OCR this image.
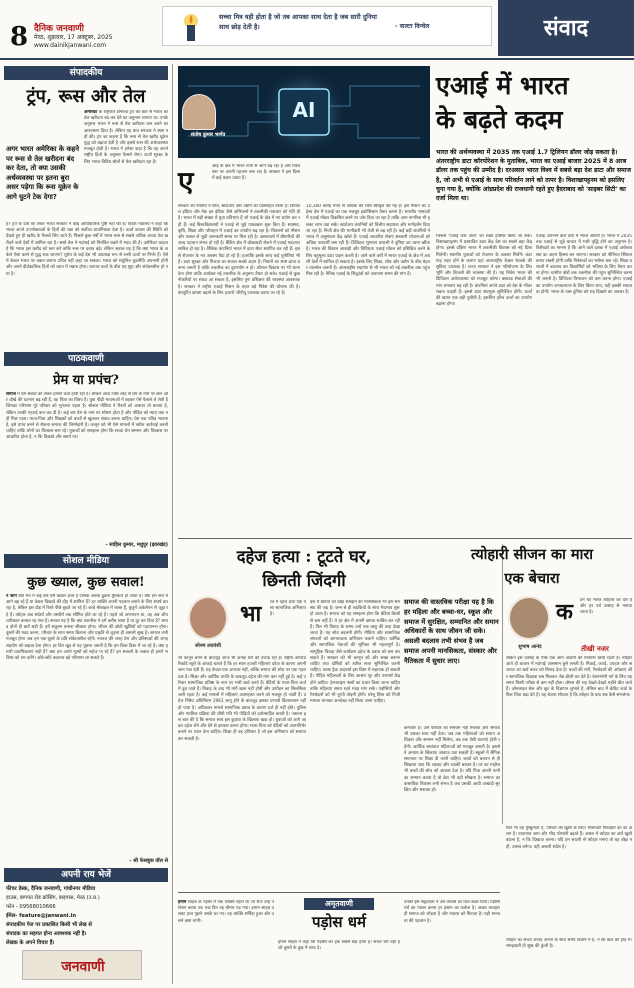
8 दैनिक जनवाणी
मेरठ, शुक्रवार, 17 अक्टूबर, 2025
www.dainikjanwani.com
सच्चा मित्र वही होता है जो तब आपका साथ देता है जब सारी दुनिया साथ छोड़ देती है।	- वाल्टर विन्चेल	संवाद
संपादकीय
ट्रंप, रूस और तेल
अगर भारत अमेरिका के कहने पर रूस से तेल खरीदना बंद कर देता, तो क्या उसकी अर्थव्यवस्था पर इतना बुरा असर पड़ेगा कि रूस यूक्रेन के आगे घुटने टेक देगा?
अमेरिका के राष्ट्रपति डोनाल्ड ट्रंप की बात से भारत का तेल खरीदना बंद कर देने का अनुमान लगाया था। उनके अनुसार भारत ने रूस से तेल खरीदना कम करने का आश्वासन दिया है। लेकिन यह बात सरकार ने स्पष्ट नहीं की। ट्रंप का कहना है कि रूस से तेल खरीद यूक्रेन युद्ध को बढ़ावा देती है और इससे रूस की अर्थव्यवस्था मजबूत होती है। भारत ने हमेशा कहा है कि वह अपने राष्ट्रीय हितों के अनुसार फैसले लेगा। ऊर्जा सुरक्षा के लिए भारत विविध स्रोतों से तेल खरीदता रहा है।
है? ट्रंप के दावे को लेकर भारत सरकार ने कोई आधिकारिक पुष्टि नहीं की है। विदेश मंत्रालय ने कहा कि भारत अपने उपभोक्ताओं के हितों की रक्षा को सर्वोच्च प्राथमिकता देता है। ऊर्जा बाजार की स्थिति को देखते हुए ही खरीद के फैसले लिए जाते हैं। पिछले कुछ वर्षों में भारत रूस से सबसे अधिक कच्चा तेल खरीदने वाले देशों में शामिल रहा है। सस्ते तेल ने महंगाई को नियंत्रित रखने में मदद की है। अमेरिका चाहता है कि भारत इस खरीद को कम करे ताकि रूस पर दबाव बढ़े। लेकिन सवाल यह है कि क्या भारत के अकेले ऐसा करने से युद्ध रुक जाएगा? यूरोप के कई देश भी अप्रत्यक्ष रूप से रूसी ऊर्जा पर निर्भर हैं। ऐसे में केवल भारत पर दबाव बनाना उचित नहीं कहा जा सकता। भारत को संतुलित कूटनीति अपनानी होगी और अपने दीर्घकालिक हितों को ध्यान में रखना होगा। व्यापार वार्ता के बीच यह मुद्दा और संवेदनशील हो गया है।
पाठकवाणी
प्रेम या प्रपंच?
समाज में प्रेम संबंधों को लेकर हमेशा चर्चा होती रही है। लेकिन आज जिस तरह से प्रेम के नाम पर छल और धोखे की घटनाएं बढ़ रही हैं, वह चिंता का विषय है। युवा पीढ़ी भावनाओं में बहकर ऐसे फैसले ले लेती है जिनका परिणाम पूरे परिवार को भुगतना पड़ता है। सोशल मीडिया ने रिश्तों को आसान तो बनाया है, लेकिन उनकी गहराई कम कर दी है। कई बार प्रेम के नाम पर शोषण होता है और पीड़ित को न्याय तक नहीं मिल पाता। माता-पिता और शिक्षकों को बच्चों से खुलकर संवाद करना चाहिए। प्रेम एक पवित्र भावना है, इसे प्रपंच बनने से रोकना समाज की जिम्मेदारी है। कानून को भी ऐसे मामलों में त्वरित कार्रवाई करनी चाहिए ताकि लोगों का विश्वास बना रहे। युवाओं को समझना होगा कि सच्चा प्रेम सम्मान और विश्वास पर आधारित होता है, न कि दिखावे और स्वार्थ पर।
- साहिल कुमार, मधुपुर (झारखंड)
सोशल मीडिया
कुछ ख्याल, कुछ सवाल!
न जाने क्यों मन में कई बार ऐसे ख्याल आते हैं जिनके जवाब ढूंढना मुश्किल हो जाता है। क्या हम सच में आगे बढ़ रहे हैं या केवल दिखावे की दौड़ में शामिल हैं? हर व्यक्ति अपनी पहचान बनाने के लिए संघर्ष कर रहा है, लेकिन इस दौड़ में रिश्ते पीछे छूटते जा रहे हैं। बच्चे मोबाइल में व्यस्त हैं, बुजुर्ग अकेलेपन से जूझ रहे हैं। त्योहार अब संदेशों और तस्वीरों तक सीमित होते जा रहे हैं। पहले जो अपनापन था, वह अब औपचारिकता बनकर रह गया है। सवाल यह है कि क्या तकनीक ने हमें करीब लाया है या दूर कर दिया है? शायद दोनों ही बातें सही हैं। हमें संतुलन बनाना सीखना होगा। जीवन की छोटी खुशियों को पहचानना होगा। दूसरों की मदद करना, परिवार के साथ समय बिताना और प्रकृति से जुड़ना ही असली सुख है। समाज तभी मजबूत होगा जब हम एक-दूसरे के प्रति संवेदनशील रहेंगे। नफरत की जगह प्रेम और प्रतिस्पर्धा की जगह सहयोग को बढ़ावा देना होगा। हर दिन खुद से यह पूछना जरूरी है कि हम किस दिशा में जा रहे हैं। क्या हमारी प्राथमिकताएं सही हैं? क्या हम अपने मूल्यों को सहेज पा रहे हैं? इन सवालों के जवाब ही हमारे भविष्य को तय करेंगे। छोटे-छोटे बदलाव बड़े परिणाम ला सकते हैं।
- श्री फेसबुक वॉल से
अपनी राय भेजें
फीचर डेस्क, दैनिक जनवाणी, गांधीनगर मीडिया
हाउस, बागपत रोड क्रॉसिंग, बाइपास, मेरठ (उ.प्र.)
फोन - 09568010666
ईमेल- feature@janwani.in
संपादकीय पेज पर प्रकाशित किसी भी लेख से
संपादक का सहमत होना आवश्यक नहीं है।
लेखक के अपने विचार हैं।
जनवाणी
AI
संतोष कुमार भार्गव
एआई में भारत
के बढ़ते कदम
भारत की अर्थव्यवस्था में 2035 तक एआई 1.7 ट्रिलियन डॉलर जोड़ सकता है। अंतरराष्ट्रीय डाटा कॉरपोरेशन के मुताबिक, भारत का एआई बाजार 2025 में 8 अरब डॉलर तक पहुंच की उम्मीद है। दरअसल भारत विश्व में सबसे बड़ा देश डाटा और समाज है, जो अभी से एआई के साथ परिवर्तन लाने को तत्पर है। विशाखापट्टनम को इसलिए चुना गया है, क्योंकि आंध्रप्रदेश की राजधानी रहते हुए हैदराबाद को 'साइबर सिटी' का दर्जा मिला था।
ए	आई के क्षेत्र में भारत तेजी से आगे बढ़ रहा है और विश्व स्तर पर अपनी पहचान बना रहा है। सरकार ने इस दिशा में कई कदम उठाए हैं।
सरकार की नीतियों ने शोध, स्टार्टअप और उद्योग को प्रोत्साहित किया है। डिजिटल इंडिया और मेक इन इंडिया जैसे अभियानों ने तकनीकी नवाचार को गति दी है। भारत में बड़ी संख्या में युवा प्रतिभाएं हैं जो एआई के क्षेत्र में नए प्रयोग कर रही हैं। कई विश्वविद्यालयों ने एआई से जुड़े पाठ्यक्रम शुरू किए हैं। स्वास्थ्य, कृषि, शिक्षा और परिवहन में एआई का उपयोग बढ़ रहा है। किसानों को मौसम और फसल से जुड़ी जानकारी समय पर मिल रही है। अस्पतालों में बीमारियों की जल्द पहचान संभव हो रही है। बैंकिंग क्षेत्र में धोखाधड़ी रोकने में एआई मददगार साबित हो रहा है। वैश्विक कंपनियां भारत में डाटा सेंटर स्थापित कर रही हैं। इससे रोजगार के नए अवसर पैदा हो रहे हैं। हालांकि इसके साथ कई चुनौतियां भी हैं। डाटा सुरक्षा और निजता का सवाल सबसे अहम है। नियमों का स्पष्ट ढांचा बनाना जरूरी है ताकि तकनीक का दुरुपयोग न हो। कौशल विकास पर भी ध्यान देना होगा ताकि कार्यबल नई तकनीक के अनुरूप तैयार हो सके। एआई से कुछ नौकरियों पर संकट आ सकता है, इसलिए पुनः प्रशिक्षण की व्यवस्था आवश्यक है। सरकार ने राष्ट्रीय एआई मिशन के तहत बड़े निवेश की घोषणा की है। कंप्यूटिंग क्षमता बढ़ाने के लिए हजारों जीपीयू उपलब्ध कराए जा रहे हैं।
10,300 करोड़ रुपए से अधिक की राशि स्वीकृत की गई है। इस मिशन का उद्देश्य देश में एआई का एक मजबूत इकोसिस्टम तैयार करना है। भारतीय भाषाओं में एआई मॉडल विकसित करने पर जोर दिया जा रहा है ताकि आम नागरिक भी इसका लाभ उठा सकें। स्टार्टअप कंपनियों को वित्तीय सहायता और मार्गदर्शन दिया जा रहा है। निजी क्षेत्र की भागीदारी भी तेजी से बढ़ रही है। कई बड़ी कंपनियों ने भारत में अनुसंधान केंद्र खोले हैं। एआई आधारित सेवाएं सरकारी योजनाओं को अधिक पारदर्शी बना रही हैं। डिजिटल भुगतान प्रणाली ने दुनिया का ध्यान खींचा है। भारत की विशाल आबादी और विविधता एआई मॉडल को प्रशिक्षित करने के लिए बहुमूल्य डाटा प्रदान करती है। आने वाले वर्षों में भारत एआई के क्षेत्र में अग्रणी देशों में शामिल हो सकता है। इसके लिए शिक्षा, शोध और उद्योग के बीच बेहतर तालमेल जरूरी है। अंतरराष्ट्रीय सहयोग से भी भारत को नई तकनीक तक पहुंच मिल रही है। नैतिक एआई के सिद्धांतों को अपनाना समय की मांग है।
जिससे 'एआई फॉर ऑल' का लक्ष्य हासिल किया जा सके। विशाखापट्टनम में प्रस्तावित डाटा केंद्र देश का सबसे बड़ा केंद्र होगा। इससे दक्षिण भारत में तकनीकी विकास को नई दिशा मिलेगी। स्थानीय युवाओं को रोजगार के अवसर मिलेंगे। बंदरगाह शहर होने के कारण यहां अंतरराष्ट्रीय केबल नेटवर्क की सुविधा उपलब्ध है। राज्य सरकार ने इस परियोजना के लिए भूमि और बिजली की व्यवस्था की है। यह निवेश भारत की डिजिटल अर्थव्यवस्था को मजबूत करेगा। क्लाउड सेवाओं की मांग लगातार बढ़ रही है। कंपनियां अपने डाटा को देश के भीतर रखना चाहती हैं। इससे डाटा संप्रभुता सुनिश्चित होगी। ऊर्जा की खपत एक बड़ी चुनौती है, इसलिए हरित ऊर्जा का उपयोग बढ़ाना होगा।
एआई अपनाने वाले देशों में भारत अग्रणी है। भारत में 2035 तक एआई से जुड़े बाजार में भारी वृद्धि होने का अनुमान है। विशेषज्ञों का मानना है कि आने वाले दशक में एआई अर्थव्यवस्था का अहम हिस्सा बन जाएगा। सरकार को नीतिगत स्थिरता बनाए रखनी होगी ताकि निवेशकों का भरोसा बना रहे। शिक्षा प्रणाली में बदलाव कर विद्यार्थियों को भविष्य के लिए तैयार करना होगा। ग्रामीण क्षेत्रों तक तकनीक की पहुंच सुनिश्चित करना भी जरूरी है। डिजिटल विभाजन को कम करना होगा। एआई का उपयोग जनकल्याण के लिए किया जाए, यही इसकी सफलता होगी। भारत के पास दुनिया को राह दिखाने का अवसर है।
दहेज हत्या : टूटते घर,
छिनती जिंदगी
सोनम लववंशी
भा रत में दहेज प्रथा एक ऐसा सामाजिक अभिशाप है।
जो कानून बनने के बावजूद आज भी अनेक घरों को उजाड़ रहा है। राष्ट्रीय अपराध रिकॉर्ड ब्यूरो के आंकड़े बताते हैं कि हर साल हजारों महिलाएं दहेज के कारण अपनी जान गंवा देती हैं। यह केवल एक अपराध नहीं, बल्कि समाज की सोच पर एक गहरा प्रश्न है। शिक्षा और आर्थिक प्रगति के बावजूद दहेज की मांग कम नहीं हुई है। कई परिवार सामाजिक प्रतिष्ठा के नाम पर भारी खर्च करते हैं। बेटियों के माता-पिता कर्ज में डूब जाते हैं। विवाह के बाद भी मांगें खत्म नहीं होतीं और उत्पीड़न का सिलसिला जारी रहता है। कई मामलों में महिलाएं आत्महत्या करने को मजबूर हो जाती हैं। दहेज निषेध अधिनियम 1961 लागू होने के बावजूद इसका प्रभावी क्रियान्वयन नहीं हो पाया है। अधिकतर मामले सामाजिक दबाव के कारण दर्ज ही नहीं होते। पुलिस और न्यायिक प्रक्रिया की धीमी गति भी पीड़ितों को हतोत्साहित करती है। जरूरत इस बात की है कि समाज स्वयं इस कुप्रथा के खिलाफ खड़ा हो। युवाओं को आगे आकर दहेज लेने और देने से इनकार करना होगा। माता-पिता को बेटियों को आत्मनिर्भर बनाने पर ध्यान देना चाहिए। शिक्षा ही वह हथियार है जो इस अभिशाप को समाप्त कर सकती है।
देश में बेटियों को बोझ समझने की मानसिकता भी इस समस्या की जड़ है। जन्म से ही लड़कियों के साथ भेदभाव शुरू हो जाता है। समाज को यह समझना होगा कि बेटियां किसी से कम नहीं हैं। वे हर क्षेत्र में अपनी क्षमता साबित कर रही हैं। फिर भी विवाह के समय उन्हें एक वस्तु की तरह देखा जाता है। यह सोच बदलनी होगी। मीडिया और सामाजिक संगठनों को जागरूकता अभियान चलाने चाहिए। धार्मिक और सामाजिक नेताओं की भूमिका भी महत्वपूर्ण है। सामूहिक विवाह जैसे कार्यक्रम दहेज के दबाव को कम कर सकते हैं। सरकार को भी कानून को और सख्त बनाना चाहिए तथा दोषियों को त्वरित सजा सुनिश्चित करनी चाहिए। फास्ट ट्रैक अदालतें इस दिशा में सहायक हो सकती हैं। पीड़ित महिलाओं के लिए आश्रय गृह और परामर्श केंद्र होने चाहिए। हेल्पलाइन नंबरों का प्रचार किया जाना चाहिए ताकि महिलाएं समय रहते मदद मांग सकें। पड़ोसियों और रिश्तेदारों को भी चुप्पी तोड़नी होगी। घरेलू हिंसा को निजी मामला मानकर अनदेखा नहीं किया जाना चाहिए।
समाज की वास्तविक परीक्षा यह है कि हर महिला और बच्चा-घर, स्कूल और समाज में सुरक्षित, सम्मानित और समान अधिकारों के साथ जीवन जी सके। असली बदलाव तभी संभव है जब समाज अपनी मानसिकता, संस्कार और नैतिकता में सुधार लाए।
कमजोर है। उसे परिवार का समर्थन नहीं मिलता और समाज भी उसका साथ नहीं देता। जब तक महिलाओं को समान अधिकार और सम्मान नहीं मिलेगा, तब तक ऐसी घटनाएं होती रहेंगी। आर्थिक स्वतंत्रता महिलाओं को मजबूत बनाती है। इससे वे अन्याय के खिलाफ आवाज उठा सकती हैं। स्कूलों में लैंगिक समानता पर शिक्षा दी जानी चाहिए। बच्चों को बचपन से ही सिखाया जाए कि लड़का और लड़की बराबर हैं। घर का माहौल भी बच्चों की सोच को आकार देता है। यदि पिता अपनी पत्नी का सम्मान करता है तो बेटा भी वही सीखता है। समाज का वास्तविक विकास तभी संभव है जब उसकी आधी आबादी सुरक्षित और सशक्त हो।
त्योहारी सीजन का मारा
एक बेचारा
सुभाष आनंद	तीखी नजर
क हने को भारत त्योहारों का देश है और हर पर्व उत्साह से मनाया जाता है।
लेकिन इस उत्साह के पीछे एक आम आदमी की परेशानी छिपी रहती है। त्योहार आते ही बाजार में महंगाई आसमान छूने लगती है। मिठाई, कपड़े, उपहार और सजावट का खर्च बजट को बिगाड़ देता है। बच्चों की मांगें, रिश्तेदारों की अपेक्षाएं और सामाजिक दिखावा सब मिलकर जेब ढीली कर देते हैं। वेतनभोगी वर्ग के लिए यह समय किसी परीक्षा से कम नहीं होता। बोनस की राह देखते-देखते महीने बीत जाते हैं। ऑनलाइन सेल और छूट के विज्ञापन लुभाते हैं, लेकिन बाद में क्रेडिट कार्ड के बिल चिंता बढ़ा देते हैं। वह बेचारा सोचता है कि त्योहार के बाद सब कैसे संभलेगा।
फिर भी वह मुस्कुराता है, परिवार की खुशी के लिए। मिलावटी मिठाइयों का डर अलग है। यातायात जाम और भीड़ परेशानी बढ़ाते हैं। असल में त्योहार का अर्थ खुशी बांटना है, न कि दिखावा करना। यदि हम सादगी से त्योहार मनाएं तो यह बोझ नहीं, उत्सव बनेगा। यही असली संदेश है।
इमाम साहब के पड़ोस में एक व्यक्ति रहता था जो रोज उन्हें परेशान करता था। एक दिन वह बीमार पड़ गया। इमाम साहब उसका हाल पूछने उसके घर गए। वह व्यक्ति शर्मिंदा हुआ और उसने क्षमा मांगी।
अमृतवाणी
पड़ोस धर्म
इमाम साहब ने कहा कि पड़ोसी का हक सबसे बड़ा होता है। सच्चा धर्म वही है जो दूसरों के दुख में साथ दे।
उनकी इस सहृदयता ने उस व्यक्ति का दिल बदल दिया। पड़ोसी धर्म का पालन करना हर इंसान का कर्तव्य है। अच्छा व्यवहार ही समाज को जोड़ता है और नफरत को मिटाता है। यही मानवता की पहचान है।
त्योहार का सच्चा आनंद अपनों के साथ समय बिताने में है, न कि खर्च की होड़ में। समझदारी ही सुख की कुंजी है।
